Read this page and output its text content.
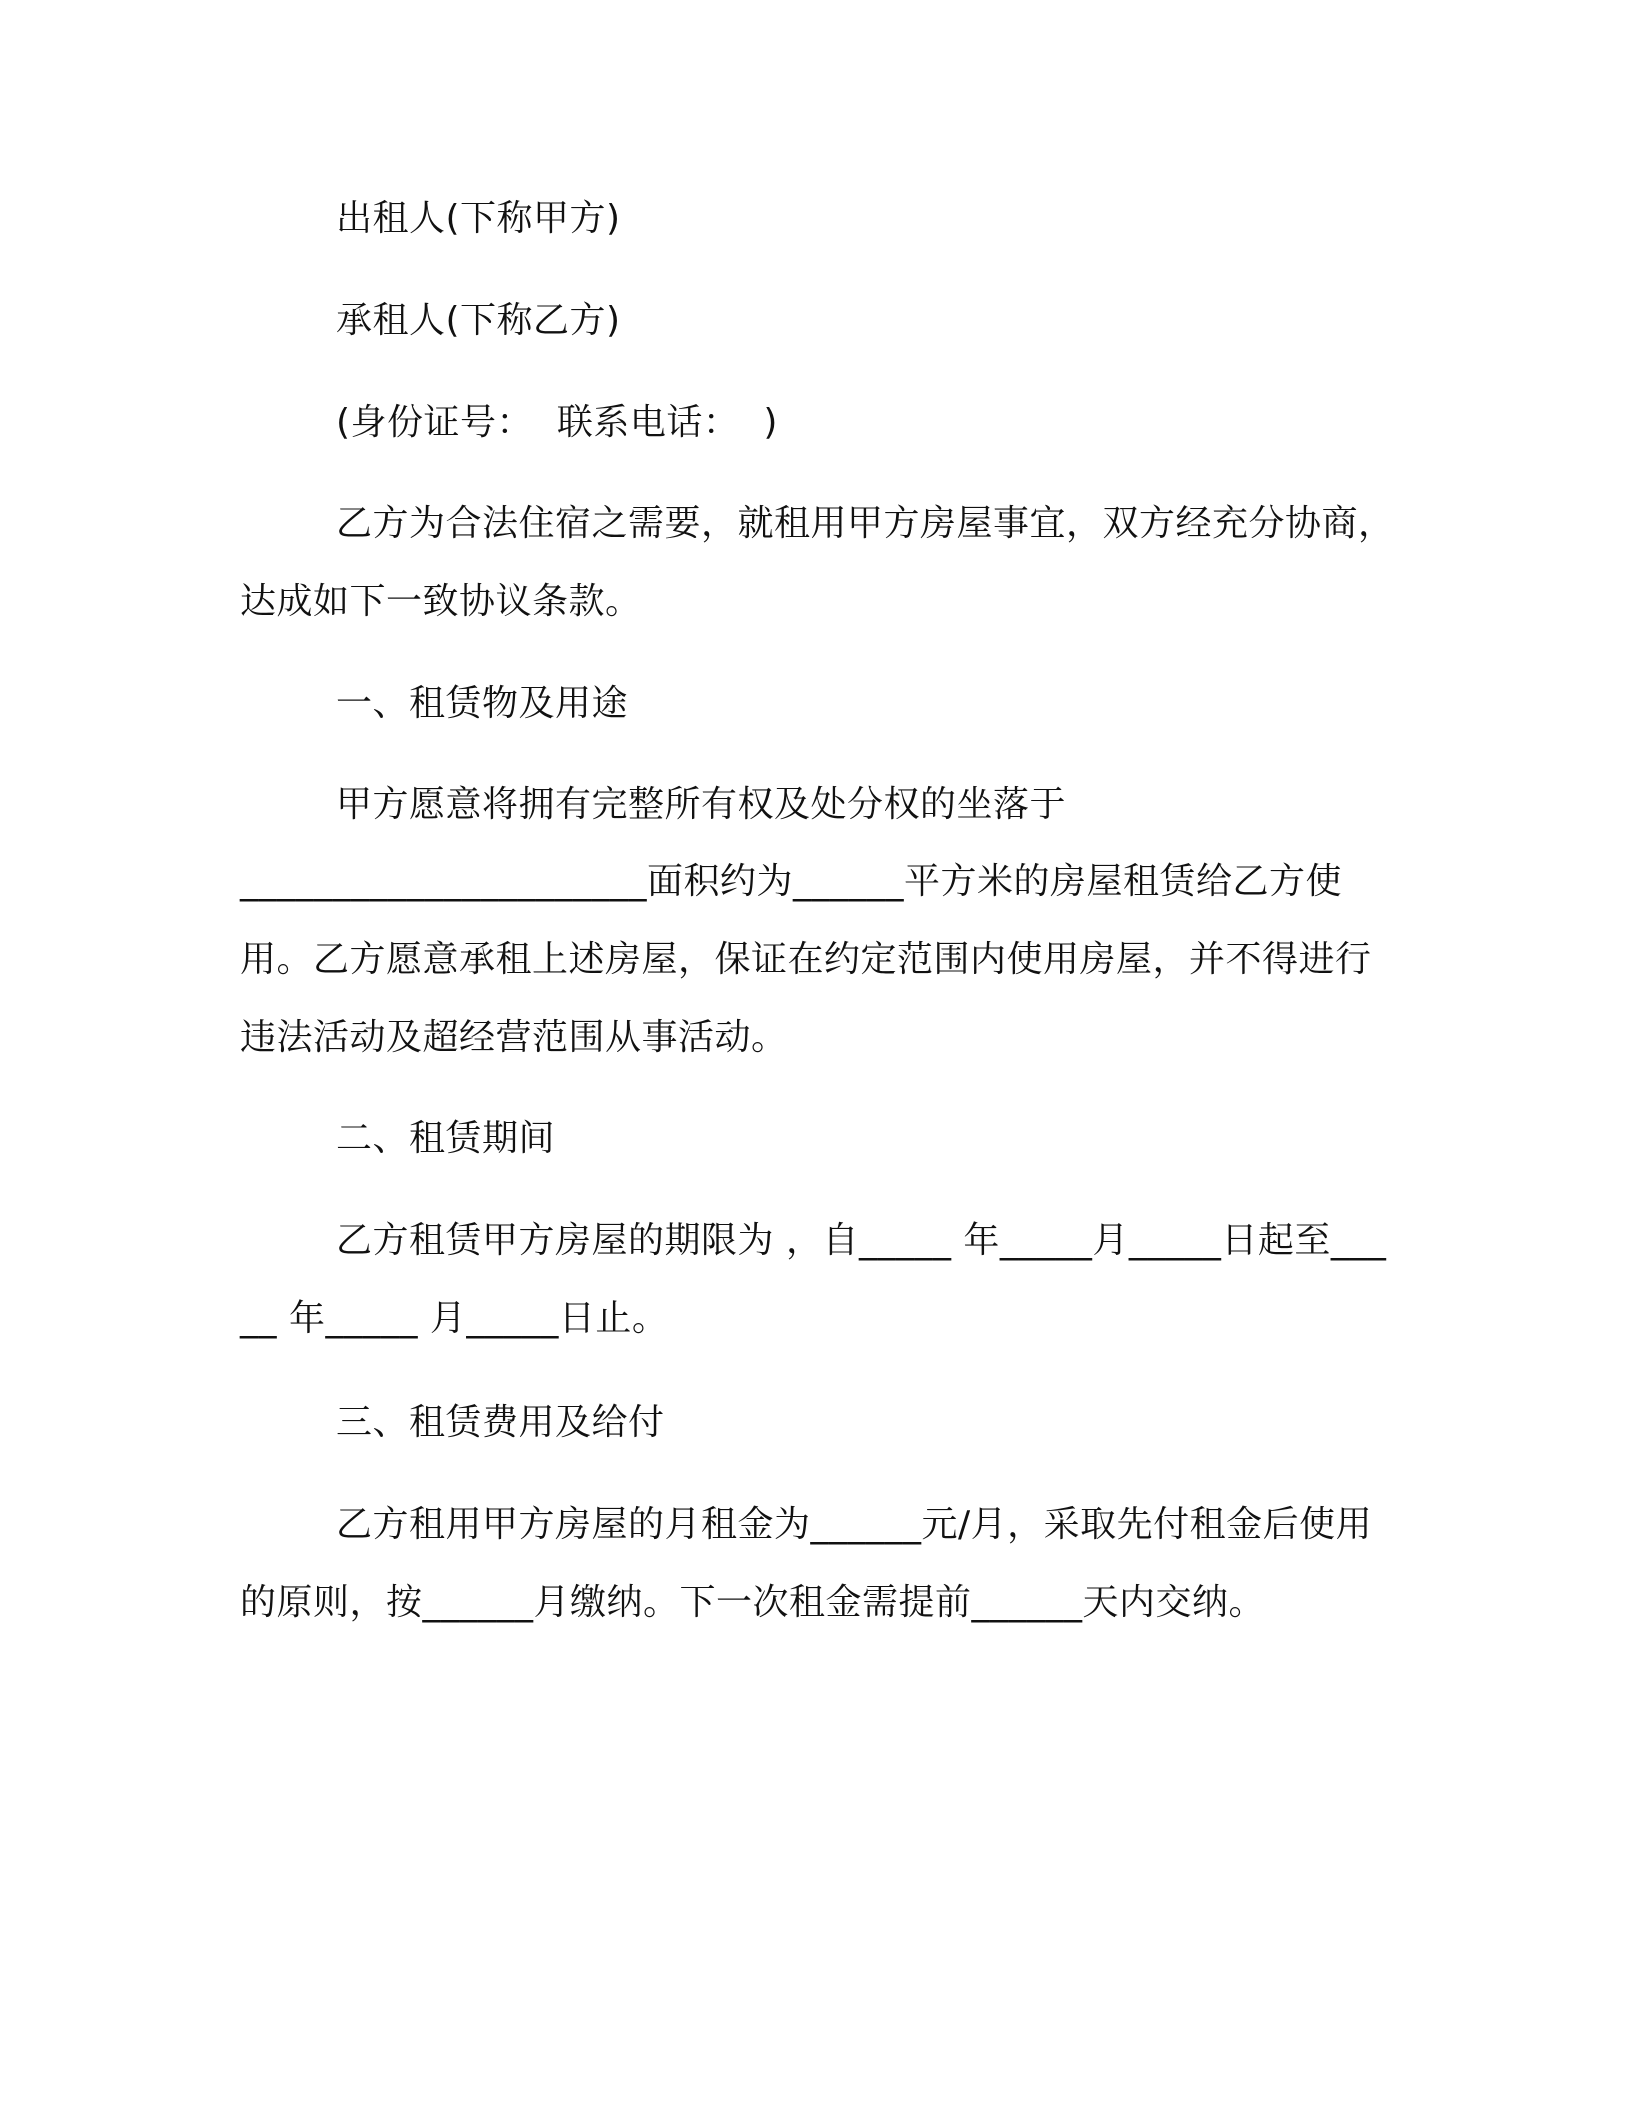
出租人(下称甲方)
承租人(下称乙方)
(身份证号：  联系电话：  )
乙方为合法住宿之需要，就租用甲方房屋事宜，双方经充分协商，达成如下一致协议条款。
一、租赁物及用途
甲方愿意将拥有完整所有权及处分权的坐落于
______________________面积约为______平方米的房屋租赁给乙方使用。乙方愿意承租上述房屋，保证在约定范围内使用房屋，并不得进行违法活动及超经营范围从事活动。
二、租赁期间
乙方租赁甲方房屋的期限为 ，自_____ 年_____月_____日起至_____ 年_____ 月_____日止。
三、租赁费用及给付
乙方租用甲方房屋的月租金为______元/月，采取先付租金后使用的原则，按______月缴纳。下一次租金需提前______天内交纳。
